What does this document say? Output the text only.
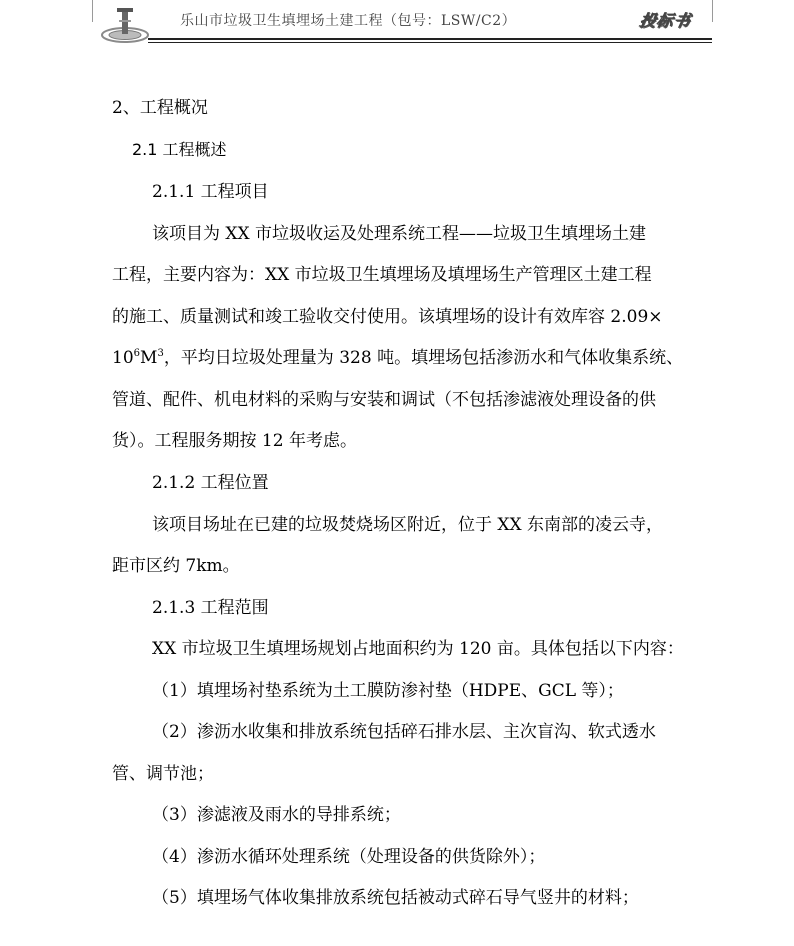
乐山市垃圾卫生填埋场土建工程（包号：LSW/C2）	投标书
2、工程概况
2.1 工程概述
2.1.1 工程项目
该项目为 XX 市垃圾收运及处理系统工程——垃圾卫生填埋场土建
工程，主要内容为：XX 市垃圾卫生填埋场及填埋场生产管理区土建工程
的施工、质量测试和竣工验收交付使用。该填埋场的设计有效库容 2.09×
$10^6M^3$，平均日垃圾处理量为 328 吨。填埋场包括渗沥水和气体收集系统、
管道、配件、机电材料的采购与安装和调试（不包括渗滤液处理设备的供
货）。工程服务期按 12 年考虑。
2.1.2 工程位置
该项目场址在已建的垃圾焚烧场区附近，位于 XX 东南部的凌云寺，
距市区约 7km。
2.1.3 工程范围
XX 市垃圾卫生填埋场规划占地面积约为 120 亩。具体包括以下内容：
（1）填埋场衬垫系统为土工膜防渗衬垫（HDPE、GCL 等）；
（2）渗沥水收集和排放系统包括碎石排水层、主次盲沟、软式透水
管、调节池；
（3）渗滤液及雨水的导排系统；
（4）渗沥水循环处理系统（处理设备的供货除外）；
（5）填埋场气体收集排放系统包括被动式碎石导气竖井的材料；
